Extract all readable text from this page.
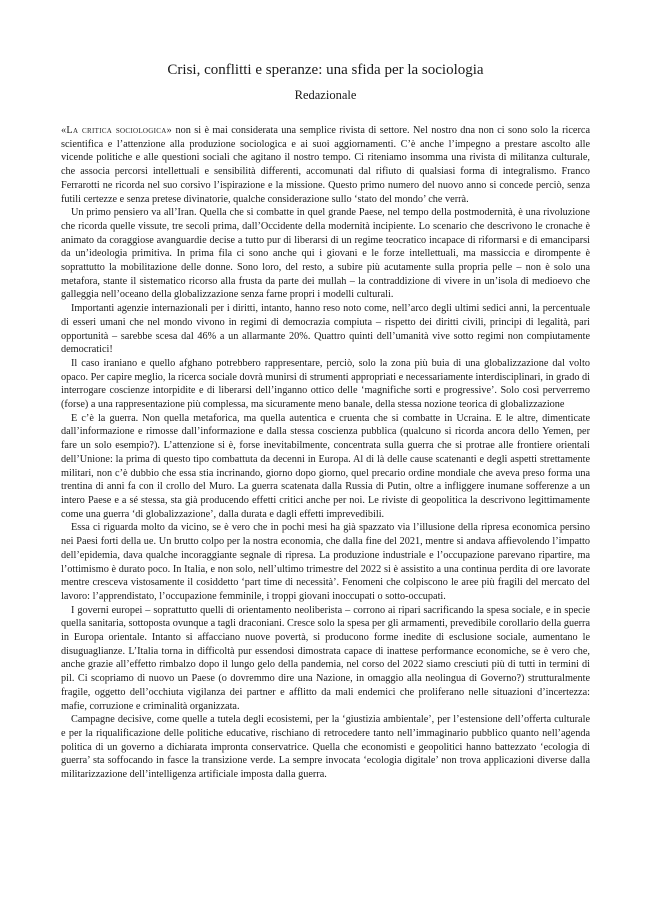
Crisi, conflitti e speranze: una sfida per la sociologia
Redazionale

«La critica sociologica» non si è mai considerata una semplice rivista di settore. Nel nostro dna non ci sono solo la ricerca scientifica e l’attenzione alla produzione sociologica e ai suoi aggiornamenti. C’è anche l’impegno a prestare ascolto alle vicende politiche e alle questioni sociali che agitano il nostro tempo. Ci riteniamo insomma una rivista di militanza culturale, che associa percorsi intellettuali e sensibilità differenti, accomunati dal rifiuto di qualsiasi forma di integralismo. Franco Ferrarotti ne ricorda nel suo corsivo l’ispirazione e la missione. Questo primo numero del nuovo anno si concede perciò, senza futili certezze e senza pretese divinatorie, qualche considerazione sullo ‘stato del mondo’ che verrà.

Un primo pensiero va all’Iran. Quella che si combatte in quel grande Paese, nel tempo della postmodernità, è una rivoluzione che ricorda quelle vissute, tre secoli prima, dall’Occidente della modernità incipiente. Lo scenario che descrivono le cronache è animato da coraggiose avanguardie decise a tutto pur di liberarsi di un regime teocratico incapace di riformarsi e di emanciparsi da un’ideologia primitiva. In prima fila ci sono anche qui i giovani e le forze intellettuali, ma massiccia e dirompente è soprattutto la mobilitazione delle donne. Sono loro, del resto, a subire più acutamente sulla propria pelle – non è solo una metafora, stante il sistematico ricorso alla frusta da parte dei mullah – la contraddizione di vivere in un’isola di medioevo che galleggia nell’oceano della globalizzazione senza farne propri i modelli culturali.

Importanti agenzie internazionali per i diritti, intanto, hanno reso noto come, nell’arco degli ultimi sedici anni, la percentuale di esseri umani che nel mondo vivono in regimi di democrazia compiuta – rispetto dei diritti civili, principi di legalità, pari opportunità – sarebbe scesa dal 46% a un allarmante 20%. Quattro quinti dell’umanità vive sotto regimi non compiutamente democratici!

Il caso iraniano e quello afghano potrebbero rappresentare, perciò, solo la zona più buia di una globalizzazione dal volto opaco. Per capire meglio, la ricerca sociale dovrà munirsi di strumenti appropriati e necessariamente interdisciplinari, in grado di interrogare coscienze intorpidite e di liberarsi dell’inganno ottico delle ‘magnifiche sorti e progressive’. Solo così perverremo (forse) a una rappresentazione più complessa, ma sicuramente meno banale, della stessa nozione teorica di globalizzazione

E c’è la guerra. Non quella metaforica, ma quella autentica e cruenta che si combatte in Ucraina. E le altre, dimenticate dall’informazione e rimosse dall’informazione e dalla stessa coscienza pubblica (qualcuno si ricorda ancora dello Yemen, per fare un solo esempio?). L’attenzione si è, forse inevitabilmente, concentrata sulla guerra che si protrae alle frontiere orientali dell’Unione: la prima di questo tipo combattuta da decenni in Europa. Al di là delle cause scatenanti e degli aspetti strettamente militari, non c’è dubbio che essa stia incrinando, giorno dopo giorno, quel precario ordine mondiale che aveva preso forma una trentina di anni fa con il crollo del Muro. La guerra scatenata dalla Russia di Putin, oltre a infliggere inumane sofferenze a un intero Paese e a sé stessa, sta già producendo effetti critici anche per noi. Le riviste di geopolitica la descrivono legittimamente come una guerra ‘di globalizzazione’, dalla durata e dagli effetti imprevedibili.

Essa ci riguarda molto da vicino, se è vero che in pochi mesi ha già spazzato via l’illusione della ripresa economica persino nei Paesi forti della ue. Un brutto colpo per la nostra economia, che dalla fine del 2021, mentre si andava affievolendo l’impatto dell’epidemia, dava qualche incoraggiante segnale di ripresa. La produzione industriale e l’occupazione parevano ripartire, ma l’ottimismo è durato poco. In Italia, e non solo, nell’ultimo trimestre del 2022 si è assistito a una continua perdita di ore lavorate mentre cresceva vistosamente il cosiddetto ‘part time di necessità’. Fenomeni che colpiscono le aree più fragili del mercato del lavoro: l’apprendistato, l’occupazione femminile, i troppi giovani inoccupati o sotto-occupati.

I governi europei – soprattutto quelli di orientamento neoliberista – corrono ai ripari sacrificando la spesa sociale, e in specie quella sanitaria, sottoposta ovunque a tagli draconiani. Cresce solo la spesa per gli armamenti, prevedibile corollario della guerra in Europa orientale. Intanto si affacciano nuove povertà, si producono forme inedite di esclusione sociale, aumentano le disuguaglianze. L’Italia torna in difficoltà pur essendosi dimostrata capace di inattese performance economiche, se è vero che, anche grazie all’effetto rimbalzo dopo il lungo gelo della pandemia, nel corso del 2022 siamo cresciuti più di tutti in termini di pil. Ci scopriamo di nuovo un Paese (o dovremmo dire una Nazione, in omaggio alla neolingua di Governo?) strutturalmente fragile, oggetto dell’occhiuta vigilanza dei partner e afflitto da mali endemici che proliferano nelle situazioni d’incertezza: mafie, corruzione e criminalità organizzata.

Campagne decisive, come quelle a tutela degli ecosistemi, per la ‘giustizia ambientale’, per l’estensione dell’offerta culturale e per la riqualificazione delle politiche educative, rischiano di retrocedere tanto nell’immaginario pubblico quanto nell’agenda politica di un governo a dichiarata impronta conservatrice. Quella che economisti e geopolitici hanno battezzato ‘ecologia di guerra’ sta soffocando in fasce la transizione verde. La sempre invocata ‘ecologia digitale’ non trova applicazioni diverse dalla militarizzazione dell’intelligenza artificiale imposta dalla guerra.
